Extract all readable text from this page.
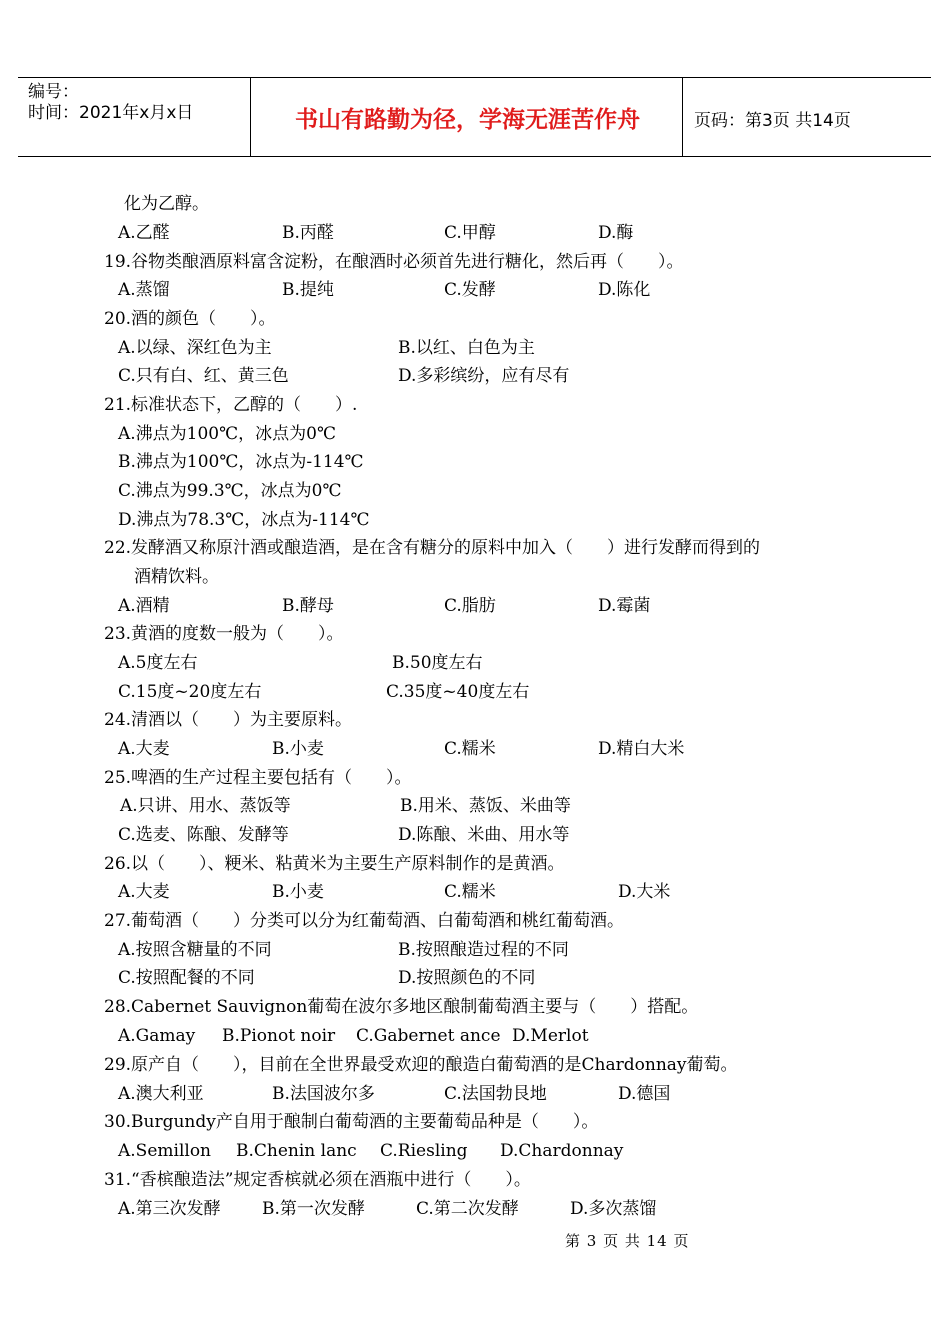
编号：
时间：2021年x月x日	书山有路勤为径，学海无涯苦作舟	页码：第3页 共14页
化为乙醇。
A.乙醛	B.丙醛	C.甲醇	D.酶
19.谷物类酿酒原料富含淀粉，在酿酒时必须首先进行糖化，然后再（　　）。
A.蒸馏	B.提纯	C.发酵	D.陈化
20.酒的颜色（　　）。
A.以绿、深红色为主	B.以红、白色为主
C.只有白、红、黄三色	D.多彩缤纷，应有尽有
21.标准状态下，乙醇的（　　）.
A.沸点为100℃，冰点为0℃
B.沸点为100℃，冰点为-114℃
C.沸点为99.3℃，冰点为0℃
D.沸点为78.3℃，冰点为-114℃
22.发酵酒又称原汁酒或酿造酒，是在含有糖分的原料中加入（　　）进行发酵而得到的
酒精饮料。
A.酒精	B.酵母	C.脂肪	D.霉菌
23.黄酒的度数一般为（　　）。
A.5度左右	B.50度左右
C.15度~20度左右	C.35度~40度左右
24.清酒以（　　）为主要原料。
A.大麦	B.小麦	C.糯米	D.精白大米
25.啤酒的生产过程主要包括有（　　）。
A.只讲、用水、蒸饭等	B.用米、蒸饭、米曲等
C.选麦、陈酿、发酵等	D.陈酿、米曲、用水等
26.以（　　）、粳米、粘黄米为主要生产原料制作的是黄酒。
A.大麦	B.小麦	C.糯米	D.大米
27.葡萄酒（　　）分类可以分为红葡萄酒、白葡萄酒和桃红葡萄酒。
A.按照含糖量的不同	B.按照酿造过程的不同
C.按照配餐的不同	D.按照颜色的不同
28.Cabernet Sauvignon葡萄在波尔多地区酿制葡萄酒主要与（　　）搭配。
A.Gamay B.Pionot noir C.Gabernet ance D.Merlot
29.原产自（　　），目前在全世界最受欢迎的酿造白葡萄酒的是Chardonnay葡萄。
A.澳大利亚	B.法国波尔多	C.法国勃艮地	D.德国
30.Burgundy产自用于酿制白葡萄酒的主要葡萄品种是（　　）。
A.Semillon B.Chenin lanc C.Riesling D.Chardonnay
31.“香槟酿造法”规定香槟就必须在酒瓶中进行（　　）。
A.第三次发酵 B.第一次发酵	C.第二次发酵	D.多次蒸馏
第 3 页 共 14 页
